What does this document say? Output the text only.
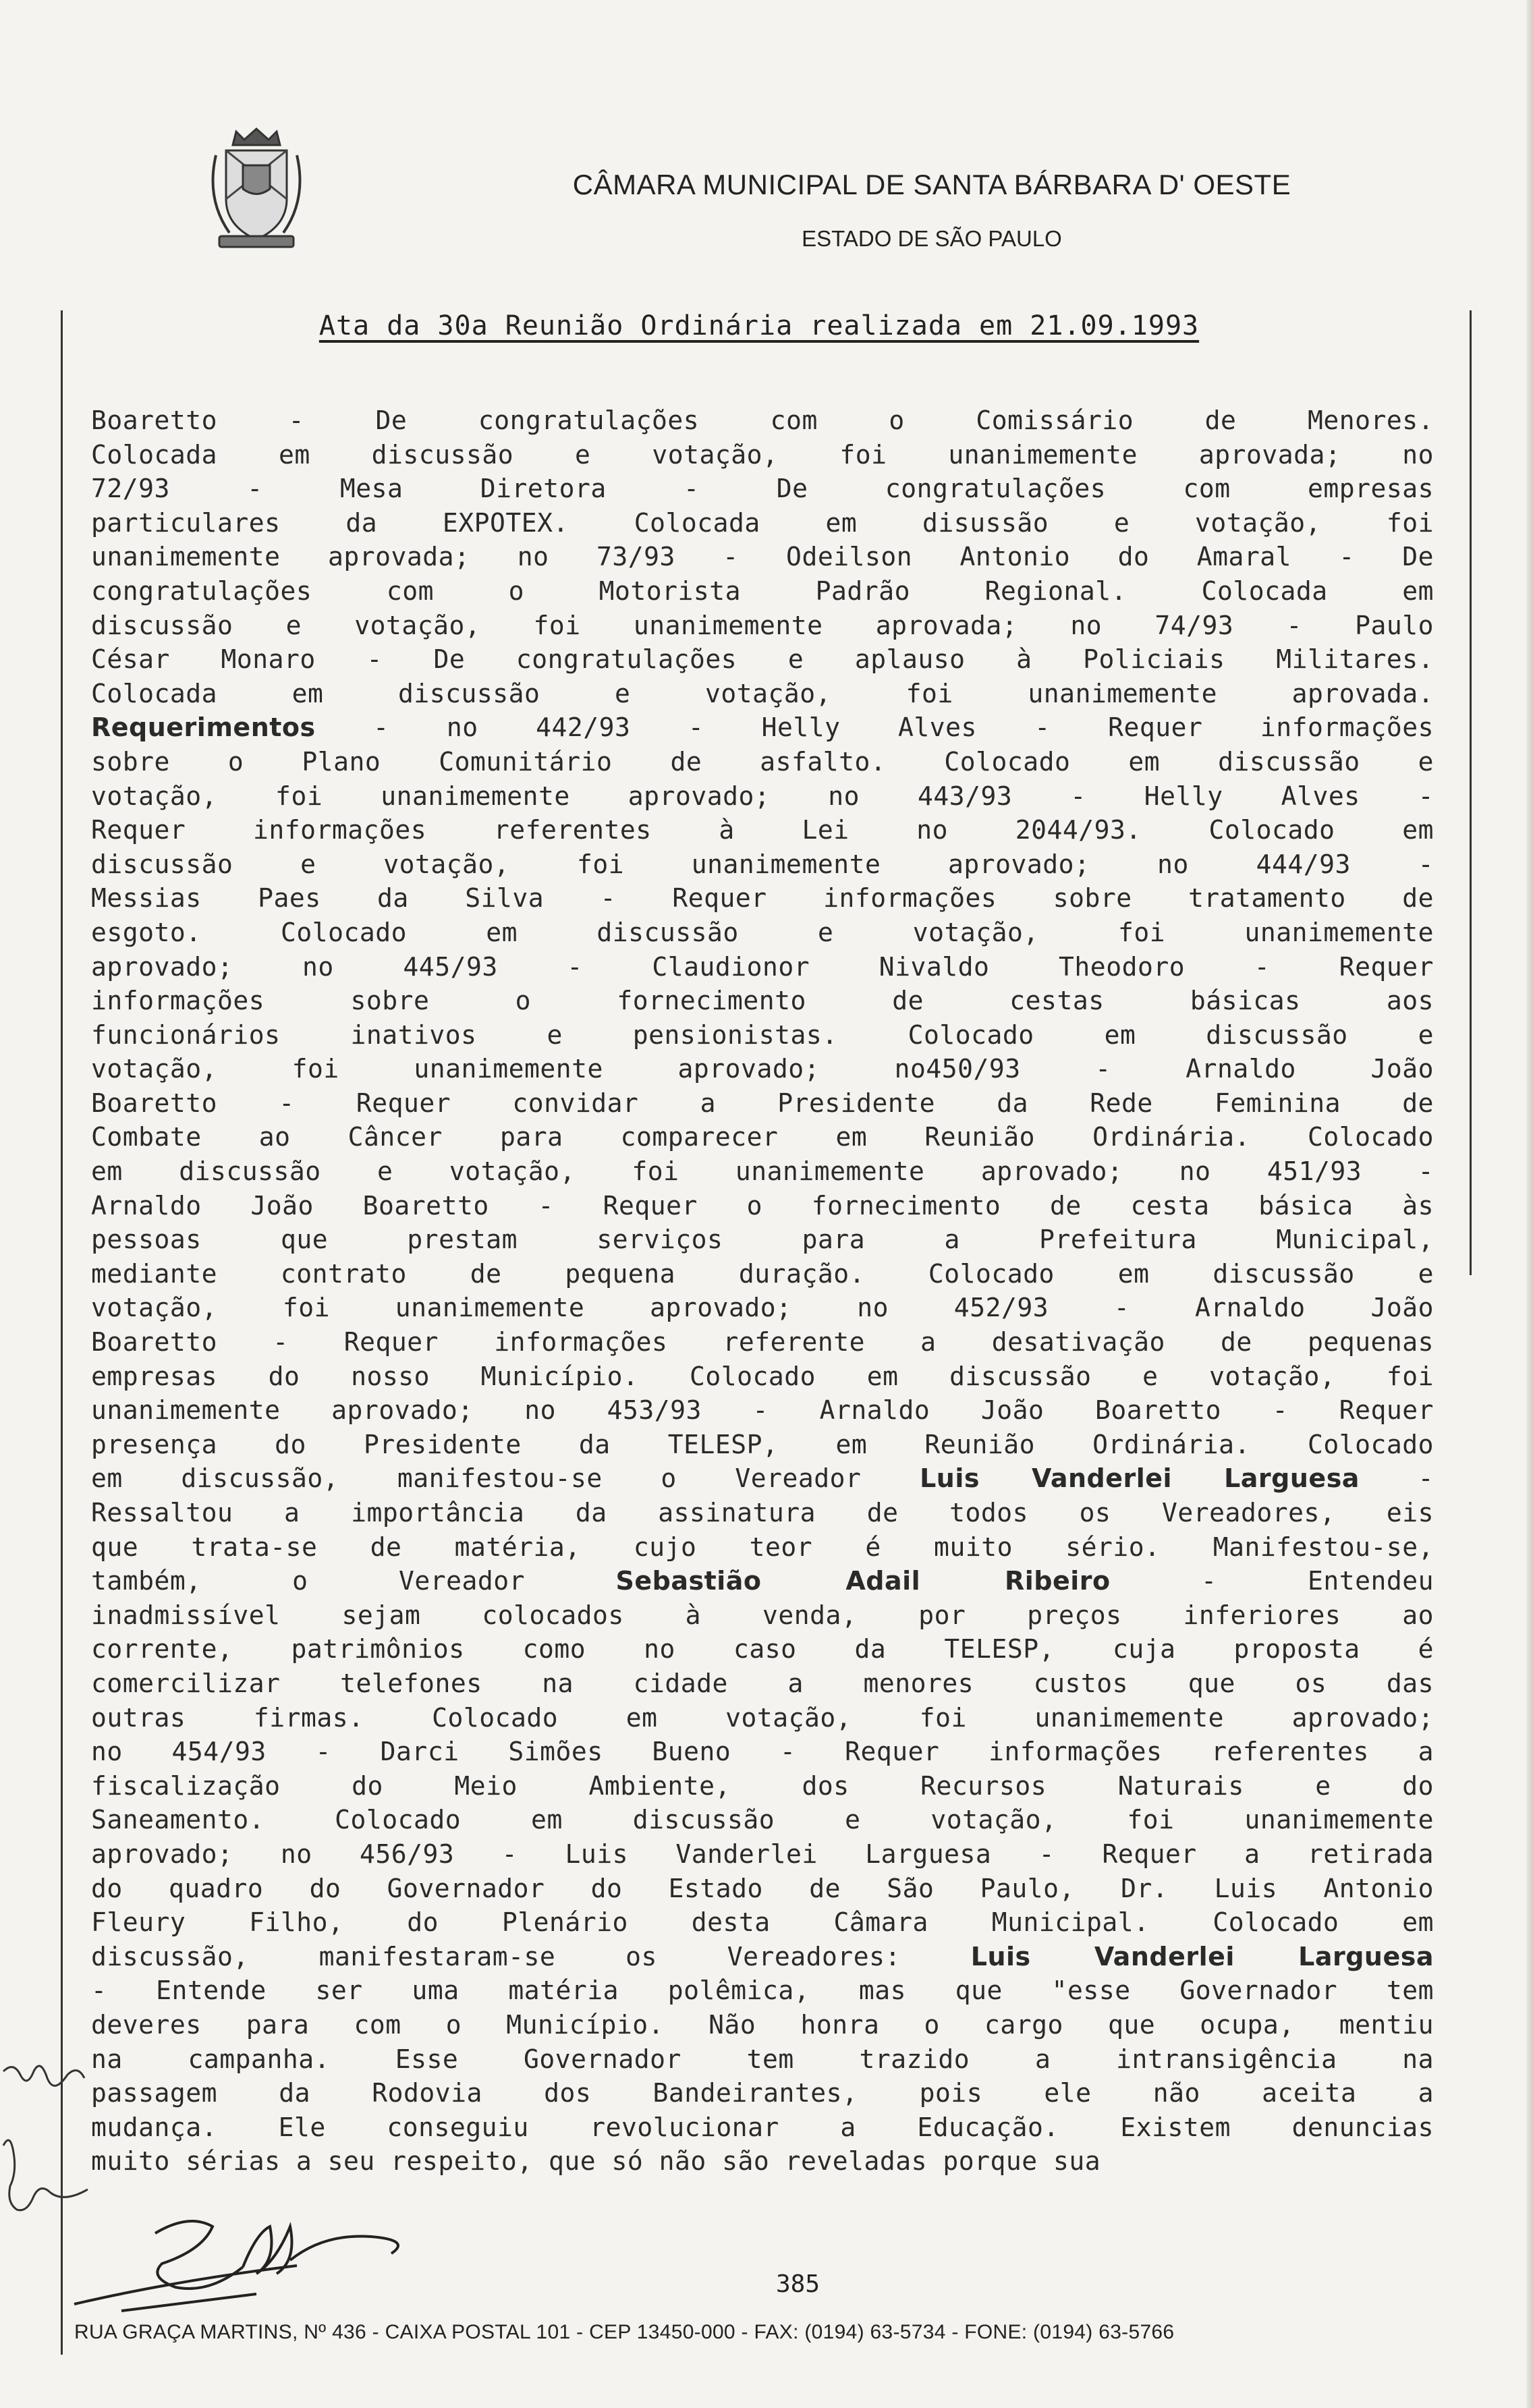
CÂMARA MUNICIPAL DE SANTA BÁRBARA D' OESTE
ESTADO DE SÃO PAULO
Ata da 30a Reunião Ordinária realizada em 21.09.1993
Boaretto - De congratulações com o Comissário de Menores.
Colocada em discussão e votação, foi unanimemente aprovada; no
72/93 - Mesa Diretora - De congratulações com empresas
particulares da EXPOTEX. Colocada em disussão e votação, foi
unanimemente aprovada; no 73/93 - Odeilson Antonio do Amaral - De
congratulações com o Motorista Padrão Regional. Colocada em
discussão e votação, foi unanimemente aprovada; no 74/93 - Paulo
César Monaro - De congratulações e aplauso à Policiais Militares.
Colocada em discussão e votação, foi unanimemente aprovada.
Requerimentos - no 442/93 - Helly Alves - Requer informações
sobre o Plano Comunitário de asfalto. Colocado em discussão e
votação, foi unanimemente aprovado; no 443/93 - Helly Alves -
Requer informações referentes à Lei no 2044/93. Colocado em
discussão e votação, foi unanimemente aprovado; no 444/93 -
Messias Paes da Silva - Requer informações sobre tratamento de
esgoto. Colocado em discussão e votação, foi unanimemente
aprovado; no 445/93 - Claudionor Nivaldo Theodoro - Requer
informações sobre o fornecimento de cestas básicas aos
funcionários inativos e pensionistas. Colocado em discussão e
votação, foi unanimemente aprovado; no450/93 - Arnaldo João
Boaretto - Requer convidar a Presidente da Rede Feminina de
Combate ao Câncer para comparecer em Reunião Ordinária. Colocado
em discussão e votação, foi unanimemente aprovado; no 451/93 -
Arnaldo João Boaretto - Requer o fornecimento de cesta básica às
pessoas que prestam serviços para a Prefeitura Municipal,
mediante contrato de pequena duração. Colocado em discussão e
votação, foi unanimemente aprovado; no 452/93 - Arnaldo João
Boaretto - Requer informações referente a desativação de pequenas
empresas do nosso Município. Colocado em discussão e votação, foi
unanimemente aprovado; no 453/93 - Arnaldo João Boaretto - Requer
presença do Presidente da TELESP, em Reunião Ordinária. Colocado
em discussão, manifestou-se o Vereador Luis Vanderlei Larguesa -
Ressaltou a importância da assinatura de todos os Vereadores, eis
que trata-se de matéria, cujo teor é muito sério. Manifestou-se,
também, o Vereador Sebastião Adail Ribeiro - Entendeu
inadmissível sejam colocados à venda, por preços inferiores ao
corrente, patrimônios como no caso da TELESP, cuja proposta é
comercilizar telefones na cidade a menores custos que os das
outras firmas. Colocado em votação, foi unanimemente aprovado;
no 454/93 - Darci Simões Bueno - Requer informações referentes a
fiscalização do Meio Ambiente, dos Recursos Naturais e do
Saneamento. Colocado em discussão e votação, foi unanimemente
aprovado; no 456/93 - Luis Vanderlei Larguesa - Requer a retirada
do quadro do Governador do Estado de São Paulo, Dr. Luis Antonio
Fleury Filho, do Plenário desta Câmara Municipal. Colocado em
discussão, manifestaram-se os Vereadores: Luis Vanderlei Larguesa
- Entende ser uma matéria polêmica, mas que "esse Governador tem
deveres para com o Município. Não honra o cargo que ocupa, mentiu
na campanha. Esse Governador tem trazido a intransigência na
passagem da Rodovia dos Bandeirantes, pois ele não aceita a
mudança. Ele conseguiu revolucionar a Educação. Existem denuncias
muito sérias a seu respeito, que só não são reveladas porque sua
385
RUA GRAÇA MARTINS, Nº 436 - CAIXA POSTAL 101 - CEP 13450-000 - FAX: (0194) 63-5734 - FONE: (0194) 63-5766
